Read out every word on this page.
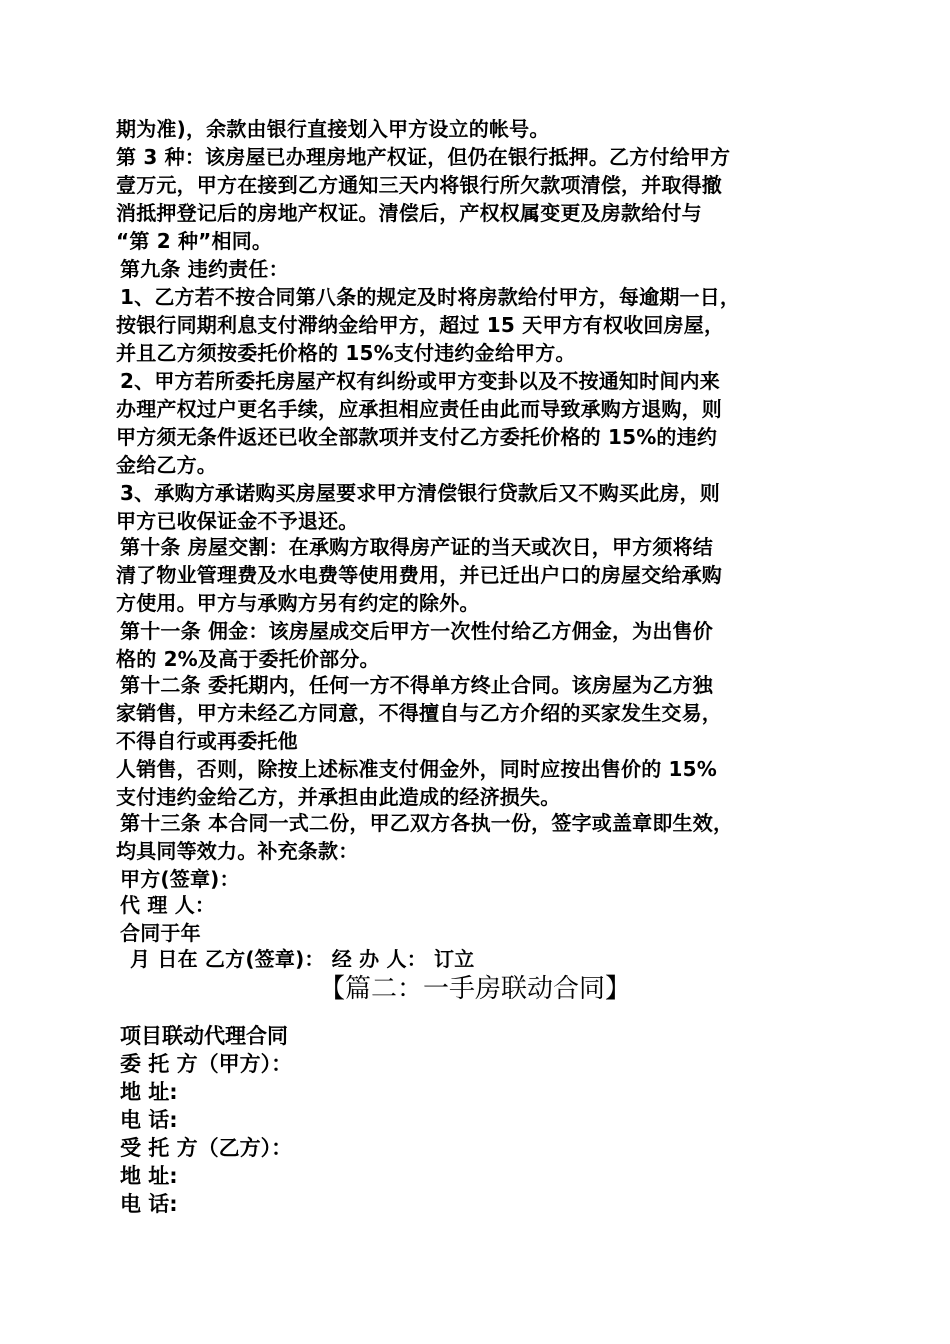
期为准)，余款由银行直接划入甲方设立的帐号。
第 3 种：该房屋已办理房地产权证，但仍在银行抵押。乙方付给甲方
壹万元，甲方在接到乙方通知三天内将银行所欠款项清偿，并取得撤
消抵押登记后的房地产权证。清偿后，产权权属变更及房款给付与
“第 2 种”相同。
第九条 违约责任：
1、乙方若不按合同第八条的规定及时将房款给付甲方，每逾期一日，
按银行同期利息支付滞纳金给甲方，超过 15 天甲方有权收回房屋，
并且乙方须按委托价格的 15%支付违约金给甲方。
2、甲方若所委托房屋产权有纠纷或甲方变卦以及不按通知时间内来
办理产权过户更名手续，应承担相应责任由此而导致承购方退购，则
甲方须无条件返还已收全部款项并支付乙方委托价格的 15%的违约
金给乙方。
3、承购方承诺购买房屋要求甲方清偿银行贷款后又不购买此房，则
甲方已收保证金不予退还。
第十条 房屋交割：在承购方取得房产证的当天或次日，甲方须将结
清了物业管理费及水电费等使用费用，并已迁出户口的房屋交给承购
方使用。甲方与承购方另有约定的除外。
第十一条 佣金：该房屋成交后甲方一次性付给乙方佣金，为出售价
格的 2%及高于委托价部分。
第十二条 委托期内，任何一方不得单方终止合同。该房屋为乙方独
家销售，甲方未经乙方同意，不得擅自与乙方介绍的买家发生交易，
不得自行或再委托他
人销售，否则，除按上述标准支付佣金外，同时应按出售价的 15%
支付违约金给乙方，并承担由此造成的经济损失。
第十三条 本合同一式二份，甲乙双方各执一份，签字或盖章即生效，
均具同等效力。补充条款：
甲方(签章)：
代 理 人：
合同于年
月 日在 乙方(签章)： 经 办 人： 订立
【篇二：一手房联动合同】
项目联动代理合同
委 托 方（甲方）：
地 址:
电 话:
受 托 方（乙方）：
地 址:
电 话:
